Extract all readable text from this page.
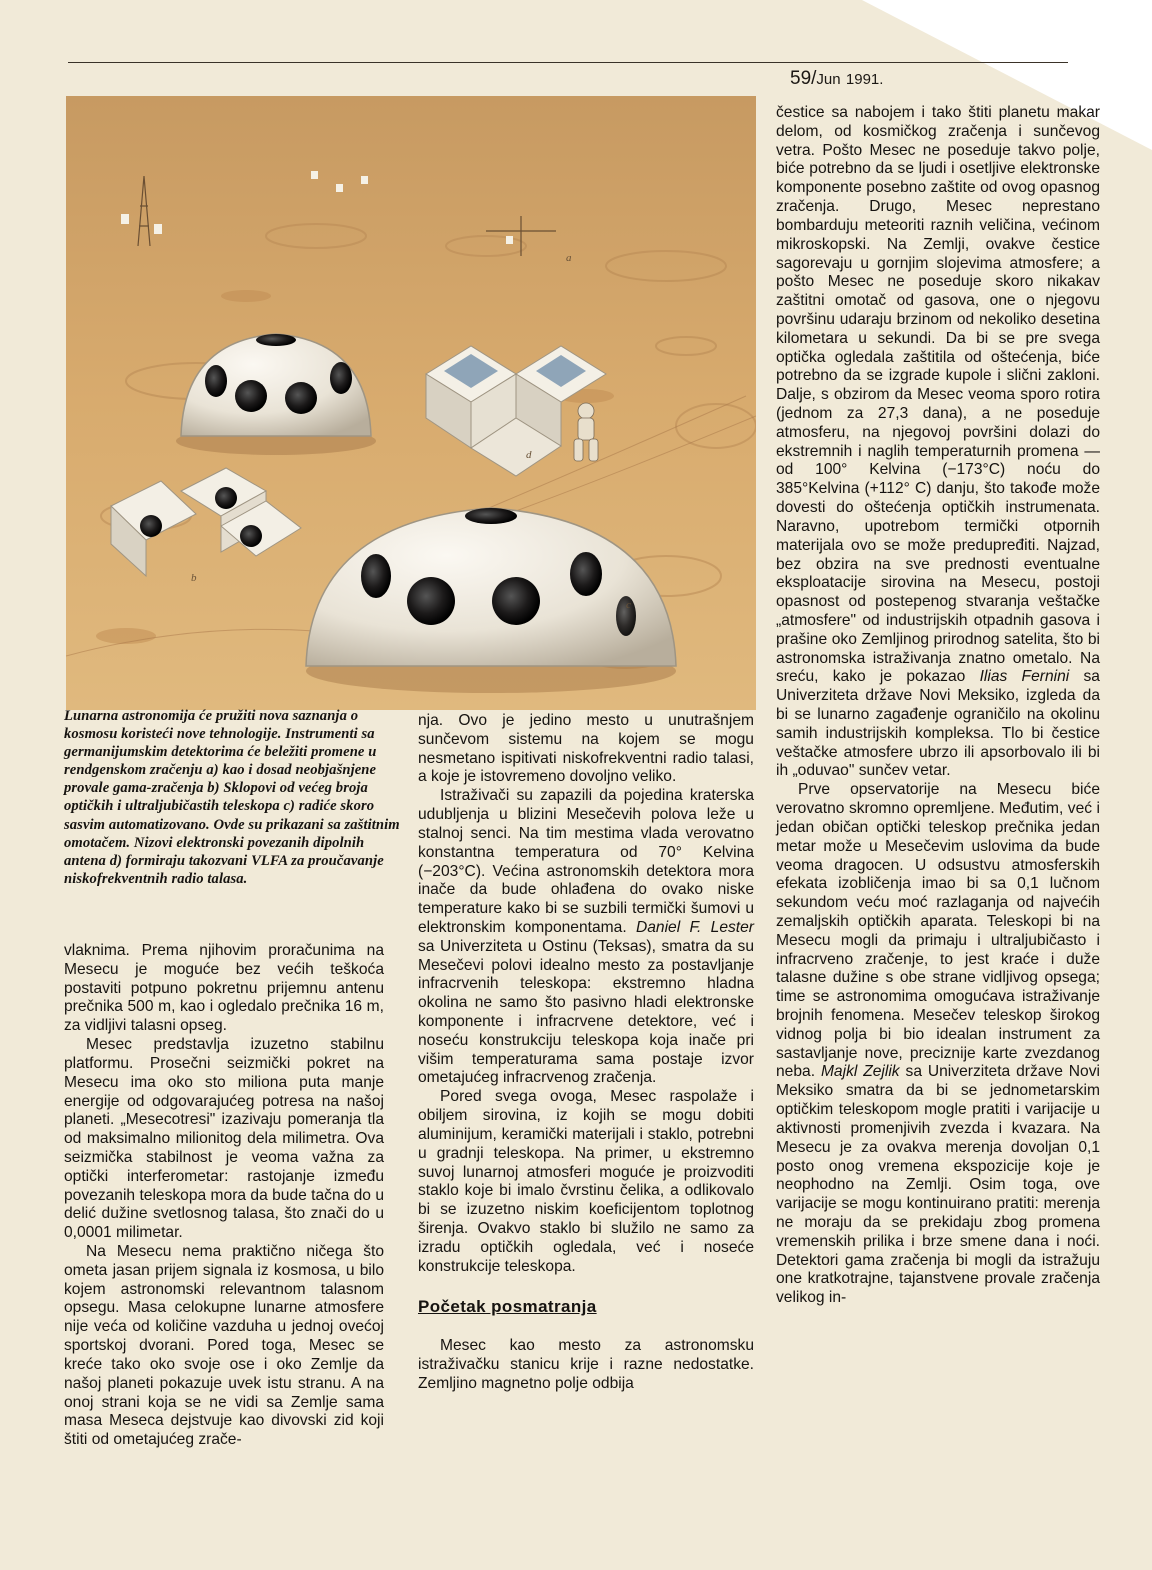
59/Jun 1991.
a
b
c
d
Lunarna astronomija će pružiti nova saznanja o kosmosu koristeći nove tehnologije. Instrumenti sa germanijumskim detektorima će beležiti promene u rendgenskom zračenju a) kao i dosad neobjašnjene provale gama-zračenja b) Sklopovi od većeg broja optičkih i ultraljubičastih teleskopa c) radiće skoro sasvim automatizovano. Ovde su prikazani sa zaštitnim omotačem. Nizovi elektronski povezanih dipolnih antena d) formiraju takozvani VLFA za proučavanje niskofrekventnih radio talasa.

vlaknima. Prema njihovim proračunima na Mesecu je moguće bez većih teškoća postaviti potpuno pokretnu prijemnu antenu prečnika 500 m, kao i ogledalo prečnika 16 m, za vidljivi talasni opseg.

Mesec predstavlja izuzetno stabilnu platformu. Prosečni seizmički pokret na Mesecu ima oko sto miliona puta manje energije od odgovarajućeg potresa na našoj planeti. „Mesecotresi" izazivaju pomeranja tla od maksimalno milionitog dela milimetra. Ova seizmička stabilnost je veoma važna za optički interferometar: rastojanje između povezanih teleskopa mora da bude tačna do u delić dužine svetlosnog talasa, što znači do u 0,0001 milimetar.

Na Mesecu nema praktično ničega što ometa jasan prijem signala iz kosmosa, u bilo kojem astronomski relevantnom talasnom opsegu. Masa celokupne lunarne atmosfere nije veća od količine vazduha u jednoj ovećoj sportskoj dvorani. Pored toga, Mesec se kreće tako oko svoje ose i oko Zemlje da našoj planeti pokazuje uvek istu stranu. A na onoj strani koja se ne vidi sa Zemlje sama masa Meseca dejstvuje kao divovski zid koji štiti od ometajućeg zrače-

nja. Ovo je jedino mesto u unutrašnjem sunčevom sistemu na kojem se mogu nesmetano ispitivati niskofrekventni radio talasi, a koje je istovremeno dovoljno veliko.

Istraživači su zapazili da pojedina kraterska udubljenja u blizini Mesečevih polova leže u stalnoj senci. Na tim mestima vlada verovatno konstantna temperatura od 70° Kelvina (−203°C). Većina astronomskih detektora mora inače da bude ohlađena do ovako niske temperature kako bi se suzbili termički šumovi u elektronskim komponentama. Daniel F. Lester sa Univerziteta u Ostinu (Teksas), smatra da su Mesečevi polovi idealno mesto za postavljanje infracrvenih teleskopa: ekstremno hladna okolina ne samo što pasivno hladi elektronske komponente i infracrvene detektore, već i noseću konstrukciju teleskopa koja inače pri višim temperaturama sama postaje izvor ometajućeg infracrvenog zračenja.

Pored svega ovoga, Mesec raspolaže i obiljem sirovina, iz kojih se mogu dobiti aluminijum, keramički materijali i staklo, potrebni u gradnji teleskopa. Na primer, u ekstremno suvoj lunarnoj atmosferi moguće je proizvoditi staklo koje bi imalo čvrstinu čelika, a odlikovalo bi se izuzetno niskim koeficijentom toplotnog širenja. Ovakvo staklo bi služilo ne samo za izradu optičkih ogledala, već i noseće konstrukcije teleskopa.

Početak posmatranja

Mesec kao mesto za astronomsku istraživačku stanicu krije i razne nedostatke. Zemljino magnetno polje odbija

čestice sa nabojem i tako štiti planetu makar delom, od kosmičkog zračenja i sunčevog vetra. Pošto Mesec ne poseduje takvo polje, biće potrebno da se ljudi i osetljive elektronske komponente posebno zaštite od ovog opasnog zračenja. Drugo, Mesec neprestano bombarduju meteoriti raznih veličina, većinom mikroskopski. Na Zemlji, ovakve čestice sagorevaju u gornjim slojevima atmosfere; a pošto Mesec ne poseduje skoro nikakav zaštitni omotač od gasova, one o njegovu površinu udaraju brzinom od nekoliko desetina kilometara u sekundi. Da bi se pre svega optička ogledala zaštitila od oštećenja, biće potrebno da se izgrade kupole i slični zakloni. Dalje, s obzirom da Mesec veoma sporo rotira (jednom za 27,3 dana), a ne poseduje atmosferu, na njegovoj površini dolazi do ekstremnih i naglih temperaturnih promena — od 100° Kelvina (−173°C) noću do 385°Kelvina (+112° C) danju, što takođe može dovesti do oštećenja optičkih instrumenata. Naravno, upotrebom termički otpornih materijala ovo se može predupređiti. Najzad, bez obzira na sve prednosti eventualne eksploatacije sirovina na Mesecu, postoji opasnost od postepenog stvaranja veštačke „atmosfere" od industrijskih otpadnih gasova i prašine oko Zemljinog prirodnog satelita, što bi astronomska istraživanja znatno ometalo. Na sreću, kako je pokazao Ilias Fernini sa Univerziteta države Novi Meksiko, izgleda da bi se lunarno zagađenje ograničilo na okolinu samih industrijskih kompleksa. Tlo bi čestice veštačke atmosfere ubrzo ili apsorbovalo ili bi ih „oduvao" sunčev vetar.

Prve opservatorije na Mesecu biće verovatno skromno opremljene. Međutim, već i jedan običan optički teleskop prečnika jedan metar može u Mesečevim uslovima da bude veoma dragocen. U odsustvu atmosferskih efekata izobličenja imao bi sa 0,1 lučnom sekundom veću moć razlaganja od najvećih zemaljskih optičkih aparata. Teleskopi bi na Mesecu mogli da primaju i ultraljubičasto i infracrveno zračenje, to jest kraće i duže talasne dužine s obe strane vidljivog opsega; time se astronomima omogućava istraživanje brojnih fenomena. Mesečev teleskop širokog vidnog polja bi bio idealan instrument za sastavljanje nove, preciznije karte zvezdanog neba. Majkl Zejlik sa Univerziteta države Novi Meksiko smatra da bi se jednometarskim optičkim teleskopom mogle pratiti i varijacije u aktivnosti promenjivih zvezda i kvazara. Na Mesecu je za ovakva merenja dovoljan 0,1 posto onog vremena ekspozicije koje je neophodno na Zemlji. Osim toga, ove varijacije se mogu kontinuirano pratiti: merenja ne moraju da se prekidaju zbog promena vremenskih prilika i brze smene dana i noći. Detektori gama zračenja bi mogli da istražuju one kratkotrajne, tajanstvene provale zračenja velikog in-
